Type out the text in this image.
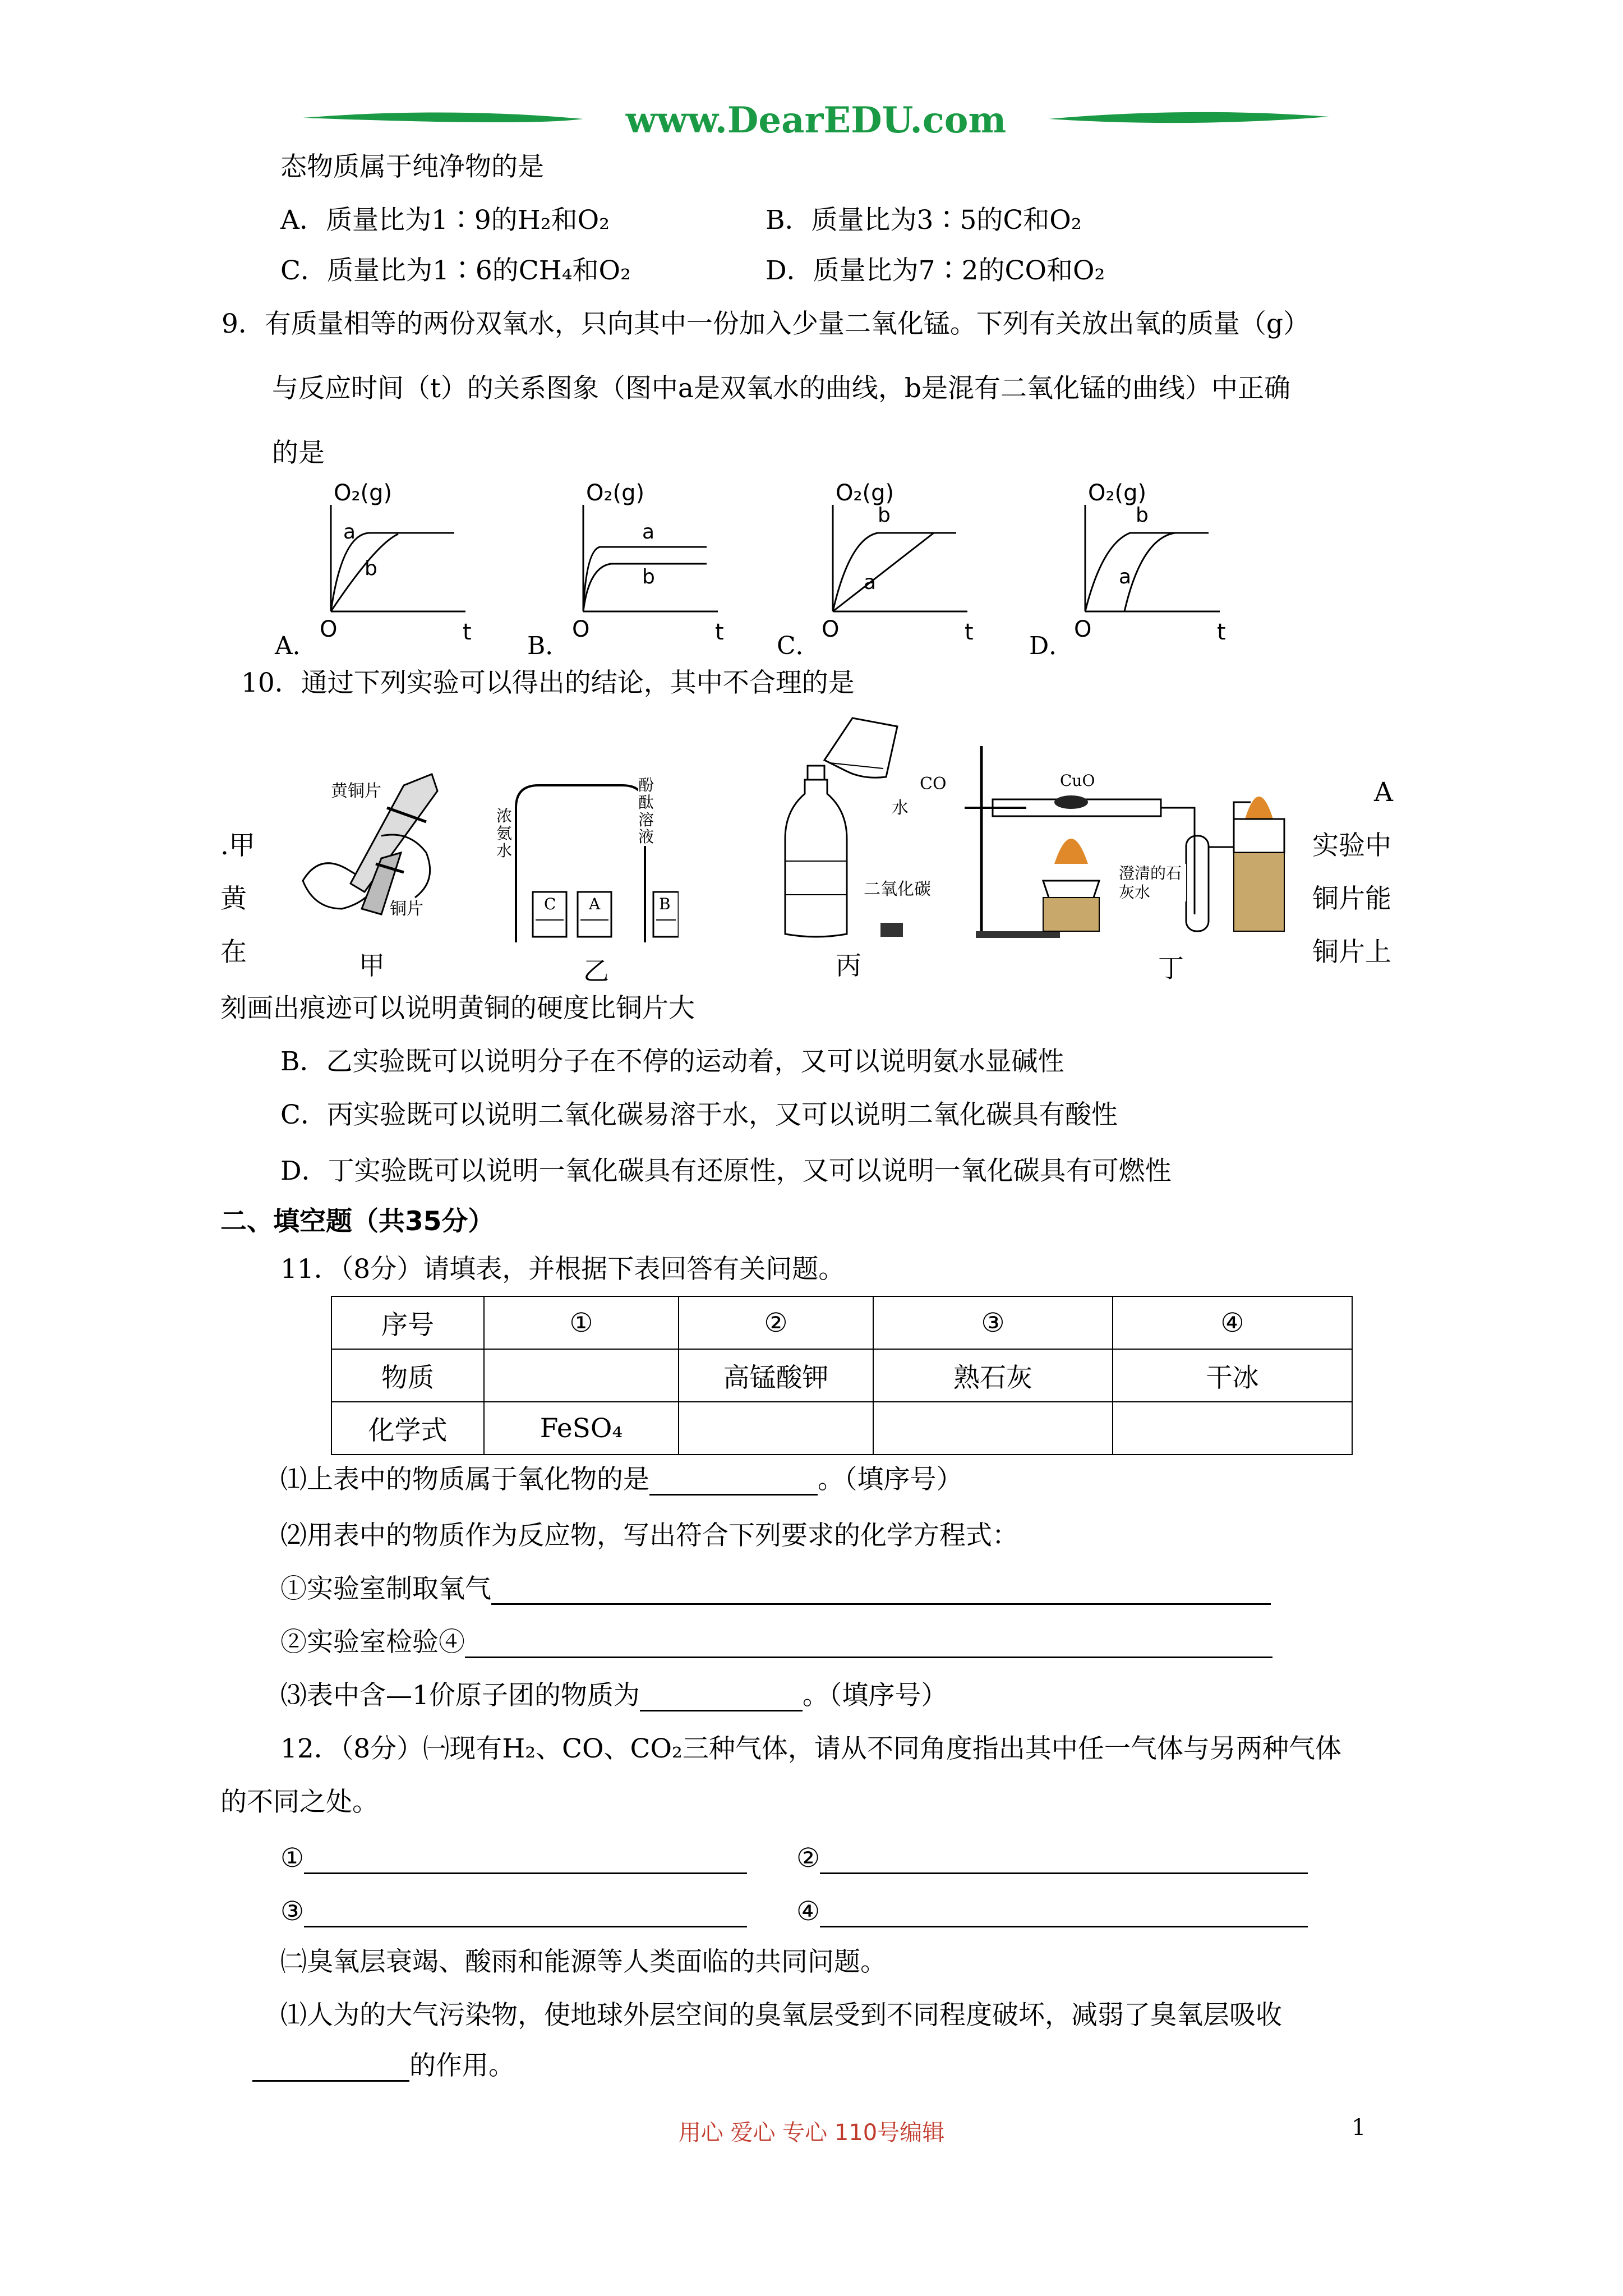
www.DearEDU.com
态物质属于纯净物的是
A．质量比为1∶9的H₂和O₂	B．质量比为3∶5的C和O₂
C．质量比为1∶6的CH₄和O₂	D．质量比为7∶2的CO和O₂
9．有质量相等的两份双氧水，只向其中一份加入少量二氧化锰。下列有关放出氧的质量（g）
与反应时间（t）的关系图象（图中a是双氧水的曲线，b是混有二氧化锰的曲线）中正确
的是
O₂(g)
t
O
a
b
A．
O₂(g)
t
O
a
b
B．
O₂(g)
t
O
a
b
C．
O₂(g)
t
O
a
b
D．
10．通过下列实验可以得出的结论，其中不合理的是
.甲
黄
在
A
实验中
铜片能
铜片上
黄铜片
铜片
甲
浓氨水
酚酞溶液
C A	B
乙
水
二氧化碳
丙
CO	CuO
澄清的石灰水
丁
刻画出痕迹可以说明黄铜的硬度比铜片大
B．乙实验既可以说明分子在不停的运动着，又可以说明氨水显碱性
C．丙实验既可以说明二氧化碳易溶于水，又可以说明二氧化碳具有酸性
D．丁实验既可以说明一氧化碳具有还原性，又可以说明一氧化碳具有可燃性
二、填空题（共35分）
11．（8分）请填表，并根据下表回答有关问题。
序号	①	②	③	④
物质		高锰酸钾	熟石灰	干冰
化学式	FeSO₄			
⑴上表中的物质属于氧化物的是	。（填序号）
⑵用表中的物质作为反应物，写出符合下列要求的化学方程式：
①实验室制取氧气
②实验室检验④
⑶表中含—1价原子团的物质为	。（填序号）
12．（8分）㈠现有H₂、CO、CO₂三种气体，请从不同角度指出其中任一气体与另两种气体
的不同之处。
①	②
③	④
㈡臭氧层衰竭、酸雨和能源等人类面临的共同问题。
⑴人为的大气污染物，使地球外层空间的臭氧层受到不同程度破坏，减弱了臭氧层吸收
的作用。
用心 爱心 专心 110号编辑	1
